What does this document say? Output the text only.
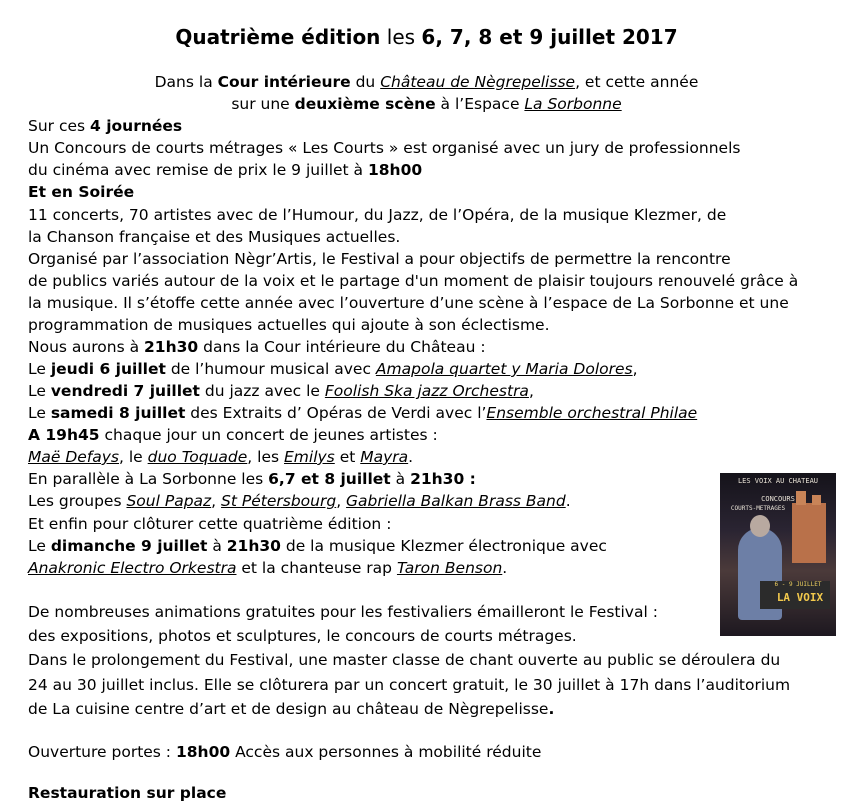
Quatrième édition les 6, 7, 8 et 9 juillet 2017
Dans la Cour intérieure du Château de Nègrepelisse, et cette année
sur une deuxième scène à l’Espace La Sorbonne
Sur ces 4 journées
Un Concours de courts métrages « Les Courts » est organisé avec un jury de professionnels
du cinéma avec remise de prix le 9 juillet à 18h00
Et en Soirée
11 concerts, 70 artistes avec de l’Humour, du Jazz, de l’Opéra, de la musique Klezmer, de
la Chanson française et des Musiques actuelles.
Organisé par l’association Nègr’Artis, le Festival a pour objectifs de permettre la rencontre
de publics variés autour de la voix et le partage d'un moment de plaisir toujours renouvelé grâce à
la musique. Il s’étoffe cette année avec l’ouverture d’une scène à l’espace de La Sorbonne et une
programmation de musiques actuelles qui ajoute à son éclectisme.
Nous aurons à 21h30 dans la Cour intérieure du Château :
Le jeudi 6 juillet de l’humour musical avec Amapola quartet y Maria Dolores,
Le vendredi 7 juillet du jazz avec le Foolish Ska jazz Orchestra,
Le samedi 8 juillet des Extraits d’ Opéras de Verdi avec l’Ensemble orchestral Philae
A 19h45 chaque jour un concert de jeunes artistes :
Maë Defays, le duo Toquade, les Emilys et Mayra.
En parallèle à La Sorbonne les 6,7 et 8 juillet à 21h30 :
Les groupes Soul Papaz, St Pétersbourg, Gabriella Balkan Brass Band.
Et enfin pour clôturer cette quatrième édition :
Le dimanche 9 juillet à 21h30 de la musique Klezmer électronique avec
Anakronic Electro Orkestra et la chanteuse rap Taron Benson.
De nombreuses animations gratuites pour les festivaliers émailleront le Festival :
des expositions, photos et sculptures, le concours de courts métrages.
Dans le prolongement du Festival, une master classe de chant ouverte au public se déroulera du
24 au 30 juillet inclus. Elle se clôturera par un concert gratuit, le 30 juillet à 17h dans l’auditorium
de La cuisine centre d’art et de design au château de Nègrepelisse.
Ouverture portes : 18h00 Accès aux personnes à mobilité réduite
Restauration sur place
LES VOIX AU CHATEAU
CONCOURS
COURTS-METRAGES
6 - 9 JUILLET
LA VOIX
